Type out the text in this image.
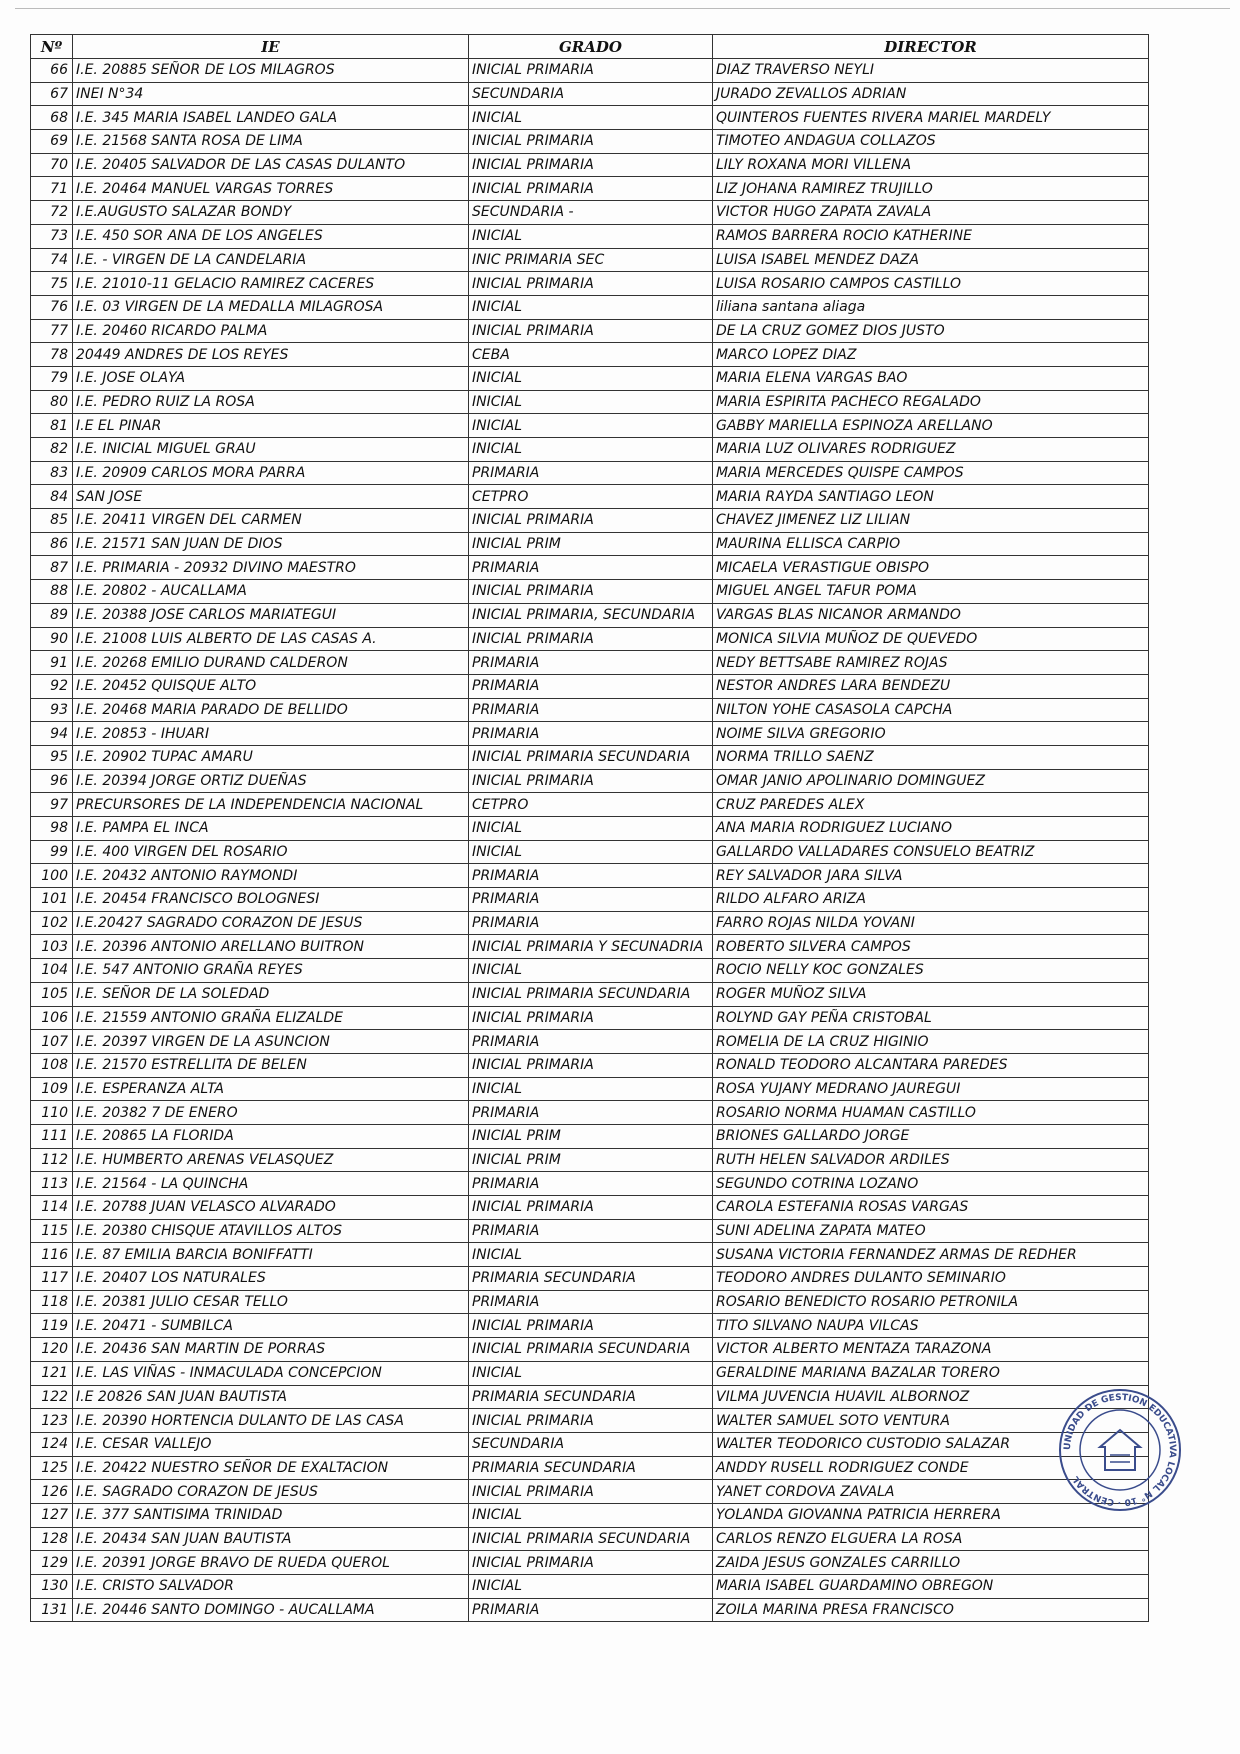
Nº	IE	GRADO	DIRECTOR
66	I.E. 20885 SEÑOR DE LOS MILAGROS	INICIAL PRIMARIA	DIAZ TRAVERSO NEYLI
67	INEI N°34	SECUNDARIA	JURADO ZEVALLOS ADRIAN
68	I.E. 345 MARIA ISABEL LANDEO GALA	INICIAL	QUINTEROS FUENTES RIVERA MARIEL MARDELY
69	I.E. 21568 SANTA ROSA DE LIMA	INICIAL PRIMARIA	TIMOTEO ANDAGUA COLLAZOS
70	I.E. 20405 SALVADOR DE LAS CASAS DULANTO	INICIAL PRIMARIA	LILY ROXANA MORI VILLENA
71	I.E. 20464 MANUEL VARGAS TORRES	INICIAL PRIMARIA	LIZ JOHANA RAMIREZ TRUJILLO
72	I.E.AUGUSTO SALAZAR BONDY	SECUNDARIA -	VICTOR HUGO ZAPATA ZAVALA
73	I.E. 450 SOR ANA DE LOS ANGELES	INICIAL	RAMOS BARRERA ROCIO KATHERINE
74	I.E. - VIRGEN DE LA CANDELARIA	INIC PRIMARIA SEC	LUISA ISABEL MENDEZ DAZA
75	I.E. 21010-11 GELACIO RAMIREZ CACERES	INICIAL PRIMARIA	LUISA ROSARIO CAMPOS CASTILLO
76	I.E. 03 VIRGEN DE LA MEDALLA MILAGROSA	INICIAL	liliana santana aliaga
77	I.E. 20460 RICARDO PALMA	INICIAL PRIMARIA	DE LA CRUZ GOMEZ DIOS JUSTO
78	20449 ANDRES DE LOS REYES	CEBA	MARCO LOPEZ DIAZ
79	I.E. JOSE OLAYA	INICIAL	MARIA ELENA VARGAS BAO
80	I.E. PEDRO RUIZ LA ROSA	INICIAL	MARIA ESPIRITA PACHECO REGALADO
81	I.E EL PINAR	INICIAL	GABBY MARIELLA ESPINOZA ARELLANO
82	I.E. INICIAL MIGUEL GRAU	INICIAL	MARIA LUZ OLIVARES RODRIGUEZ
83	I.E. 20909 CARLOS MORA PARRA	PRIMARIA	MARIA MERCEDES QUISPE CAMPOS
84	SAN JOSE	CETPRO	MARIA RAYDA SANTIAGO LEON
85	I.E. 20411 VIRGEN DEL CARMEN	INICIAL PRIMARIA	CHAVEZ JIMENEZ LIZ LILIAN
86	I.E. 21571 SAN JUAN DE DIOS	INICIAL PRIM	MAURINA ELLISCA CARPIO
87	I.E. PRIMARIA - 20932 DIVINO MAESTRO	PRIMARIA	MICAELA VERASTIGUE OBISPO
88	I.E. 20802 - AUCALLAMA	INICIAL PRIMARIA	MIGUEL ANGEL TAFUR POMA
89	I.E. 20388 JOSE CARLOS MARIATEGUI	INICIAL PRIMARIA, SECUNDARIA	VARGAS BLAS NICANOR ARMANDO
90	I.E. 21008 LUIS ALBERTO DE LAS CASAS A.	INICIAL PRIMARIA	MONICA SILVIA MUÑOZ DE QUEVEDO
91	I.E. 20268 EMILIO DURAND CALDERON	PRIMARIA	NEDY BETTSABE RAMIREZ ROJAS
92	I.E. 20452 QUISQUE ALTO	PRIMARIA	NESTOR ANDRES LARA BENDEZU
93	I.E. 20468 MARIA PARADO DE BELLIDO	PRIMARIA	NILTON YOHE CASASOLA CAPCHA
94	I.E. 20853 - IHUARI	PRIMARIA	NOIME SILVA GREGORIO
95	I.E. 20902 TUPAC AMARU	INICIAL PRIMARIA SECUNDARIA	NORMA TRILLO SAENZ
96	I.E. 20394 JORGE ORTIZ DUEÑAS	INICIAL PRIMARIA	OMAR JANIO APOLINARIO DOMINGUEZ
97	PRECURSORES DE LA INDEPENDENCIA NACIONAL	CETPRO	CRUZ PAREDES ALEX
98	I.E. PAMPA EL INCA	INICIAL	ANA MARIA RODRIGUEZ LUCIANO
99	I.E. 400 VIRGEN DEL ROSARIO	INICIAL	GALLARDO VALLADARES CONSUELO BEATRIZ
100	I.E. 20432 ANTONIO RAYMONDI	PRIMARIA	REY SALVADOR JARA SILVA
101	I.E. 20454 FRANCISCO BOLOGNESI	PRIMARIA	RILDO ALFARO ARIZA
102	I.E.20427 SAGRADO CORAZON DE JESUS	PRIMARIA	FARRO ROJAS NILDA YOVANI
103	I.E. 20396 ANTONIO ARELLANO BUITRON	INICIAL PRIMARIA Y SECUNADRIA	ROBERTO SILVERA CAMPOS
104	I.E. 547 ANTONIO GRAÑA REYES	INICIAL	ROCIO NELLY KOC GONZALES
105	I.E. SEÑOR DE LA SOLEDAD	INICIAL PRIMARIA SECUNDARIA	ROGER MUÑOZ SILVA
106	I.E. 21559 ANTONIO GRAÑA ELIZALDE	INICIAL PRIMARIA	ROLYND GAY PEÑA CRISTOBAL
107	I.E. 20397 VIRGEN DE LA ASUNCION	PRIMARIA	ROMELIA DE LA CRUZ HIGINIO
108	I.E. 21570 ESTRELLITA DE BELEN	INICIAL PRIMARIA	RONALD TEODORO ALCANTARA PAREDES
109	I.E. ESPERANZA ALTA	INICIAL	ROSA YUJANY MEDRANO JAUREGUI
110	I.E. 20382 7 DE ENERO	PRIMARIA	ROSARIO NORMA HUAMAN CASTILLO
111	I.E. 20865 LA FLORIDA	INICIAL PRIM	BRIONES GALLARDO JORGE
112	I.E. HUMBERTO ARENAS VELASQUEZ	INICIAL PRIM	RUTH HELEN SALVADOR ARDILES
113	I.E. 21564 - LA QUINCHA	PRIMARIA	SEGUNDO COTRINA LOZANO
114	I.E. 20788 JUAN VELASCO ALVARADO	INICIAL PRIMARIA	CAROLA ESTEFANIA ROSAS VARGAS
115	I.E. 20380 CHISQUE ATAVILLOS ALTOS	PRIMARIA	SUNI ADELINA ZAPATA MATEO
116	I.E. 87 EMILIA BARCIA BONIFFATTI	INICIAL	SUSANA VICTORIA FERNANDEZ ARMAS DE REDHER
117	I.E. 20407 LOS NATURALES	PRIMARIA SECUNDARIA	TEODORO ANDRES DULANTO SEMINARIO
118	I.E. 20381 JULIO CESAR TELLO	PRIMARIA	ROSARIO BENEDICTO ROSARIO PETRONILA
119	I.E. 20471 - SUMBILCA	INICIAL PRIMARIA	TITO SILVANO NAUPA VILCAS
120	I.E. 20436 SAN MARTIN DE PORRAS	INICIAL PRIMARIA SECUNDARIA	VICTOR ALBERTO MENTAZA TARAZONA
121	I.E. LAS VIÑAS - INMACULADA CONCEPCION	INICIAL	GERALDINE MARIANA BAZALAR TORERO
122	I.E 20826 SAN JUAN BAUTISTA	PRIMARIA SECUNDARIA	VILMA JUVENCIA HUAVIL ALBORNOZ
123	I.E. 20390 HORTENCIA DULANTO DE LAS CASA	INICIAL PRIMARIA	WALTER SAMUEL SOTO VENTURA
124	I.E. CESAR VALLEJO	SECUNDARIA	WALTER TEODORICO CUSTODIO SALAZAR
125	I.E. 20422 NUESTRO SEÑOR DE EXALTACION	PRIMARIA SECUNDARIA	ANDDY RUSELL RODRIGUEZ CONDE
126	I.E. SAGRADO CORAZON DE JESUS	INICIAL PRIMARIA	YANET CORDOVA ZAVALA
127	I.E. 377 SANTISIMA TRINIDAD	INICIAL	YOLANDA GIOVANNA PATRICIA HERRERA
128	I.E. 20434 SAN JUAN BAUTISTA	INICIAL PRIMARIA SECUNDARIA	CARLOS RENZO ELGUERA LA ROSA
129	I.E. 20391 JORGE BRAVO DE RUEDA QUEROL	INICIAL PRIMARIA	ZAIDA JESUS GONZALES CARRILLO
130	I.E. CRISTO SALVADOR	INICIAL	MARIA ISABEL GUARDAMINO OBREGON
131	I.E. 20446 SANTO DOMINGO - AUCALLAMA	PRIMARIA	ZOILA MARINA PRESA FRANCISCO
UNIDAD DE GESTION EDUCATIVA LOCAL N° 10 · CENTRAL
